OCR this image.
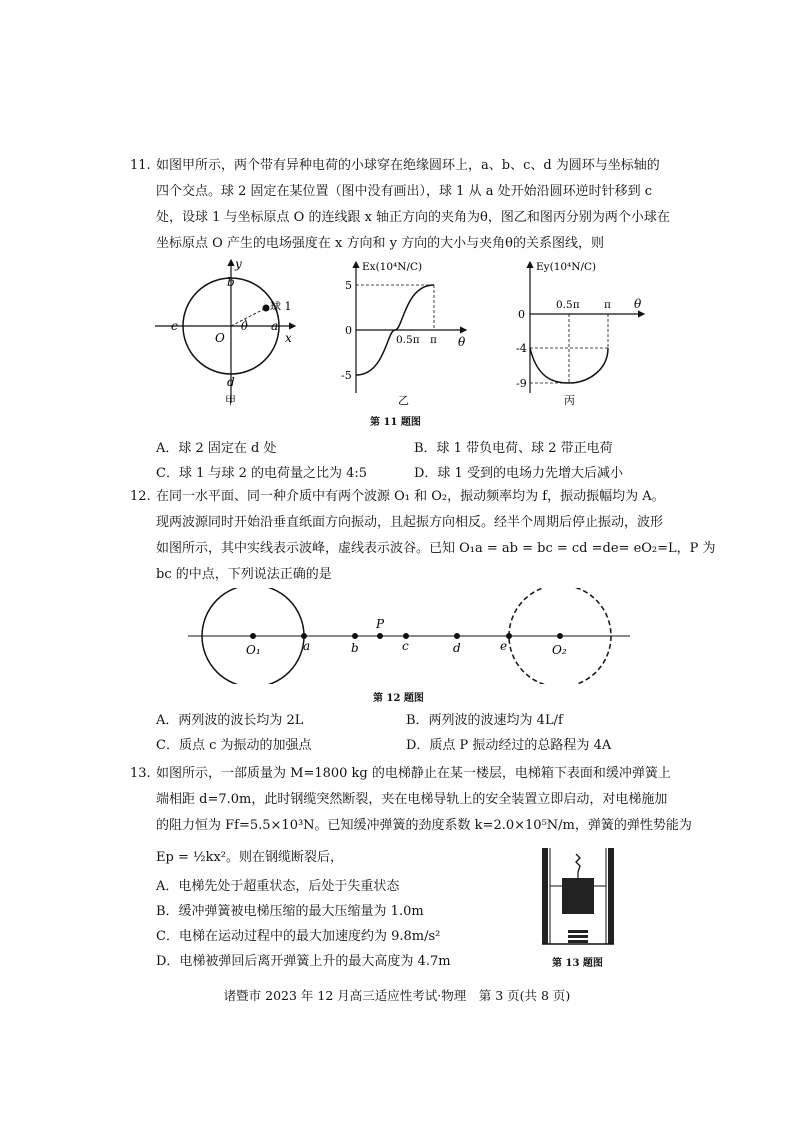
11. 如图甲所示，两个带有异种电荷的小球穿在绝缘圆环上，a、b、c、d 为圆环与坐标轴的
四个交点。球 2 固定在某位置（图中没有画出），球 1 从 a 处开始沿圆环逆时针移到 c
处，设球 1 与坐标原点 O 的连线跟 x 轴正方向的夹角为θ，图乙和图丙分别为两个小球在
坐标原点 O 产生的电场强度在 x 方向和 y 方向的大小与夹角θ的关系图线，则
y
b
球 1
c
O
θ a
x
d
甲
Ex(10⁴N/C)
5
0
-5
0.5π π θ
乙
Ey(10⁴N/C)
0
-4
-9
0.5π π θ
丙
第 11 题图
A．球 2 固定在 d 处	B．球 1 带负电荷、球 2 带正电荷
C．球 1 与球 2 的电荷量之比为 4:5	D．球 1 受到的电场力先增大后减小
12. 在同一水平面、同一种介质中有两个波源 O₁ 和 O₂，振动频率均为 f，振动振幅均为 A。
现两波源同时开始沿垂直纸面方向振动，且起振方向相反。经半个周期后停止振动，波形
如图所示，其中实线表示波峰，虚线表示波谷。已知 O₁a = ab = bc = cd =de= eO₂=L，P 为
bc 的中点，下列说法正确的是
O₁	a	b
P
c	d	e	O₂
第 12 题图
A．两列波的波长均为 2L	B．两列波的波速均为 4L/f
C．质点 c 为振动的加强点	D．质点 P 振动经过的总路程为 4A
13. 如图所示，一部质量为 M=1800 kg 的电梯静止在某一楼层，电梯箱下表面和缓冲弹簧上
端相距 d=7.0m，此时钢缆突然断裂，夹在电梯导轨上的安全装置立即启动，对电梯施加
的阻力恒为 Ff=5.5×10³N。已知缓冲弹簧的劲度系数 k=2.0×10⁵N/m，弹簧的弹性势能为
Ep = ½kx²。则在钢缆断裂后，
A．电梯先处于超重状态，后处于失重状态
B．缓冲弹簧被电梯压缩的最大压缩量为 1.0m
C．电梯在运动过程中的最大加速度约为 9.8m/s²
D．电梯被弹回后离开弹簧上升的最大高度为 4.7m	第 13 题图
诸暨市 2023 年 12 月高三适应性考试·物理　第 3 页(共 8 页)
